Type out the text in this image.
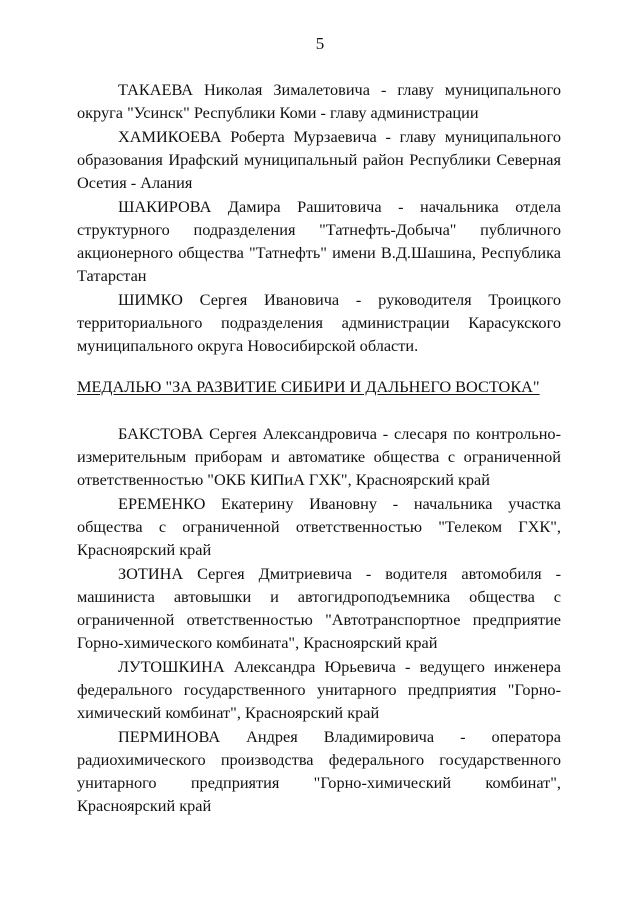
5

ТАКАЕВА Николая Зималетовича - главу муниципального округа "Усинск" Республики Коми - главу администрации

ХАМИКОЕВА Роберта Мурзаевича - главу муниципального образования Ирафский муниципальный район Республики Северная Осетия - Алания

ШАКИРОВА Дамира Рашитовича - начальника отдела структурного подразделения "Татнефть-Добыча" публичного акционерного общества "Татнефть" имени В.Д.Шашина, Республика Татарстан

ШИМКО Сергея Ивановича - руководителя Троицкого территориального подразделения администрации Карасукского муниципального округа Новосибирской области.

МЕДАЛЬЮ "ЗА РАЗВИТИЕ СИБИРИ И ДАЛЬНЕГО ВОСТОКА"

БАКСТОВА Сергея Александровича - слесаря по контрольно-измерительным приборам и автоматике общества с ограниченной ответственностью "ОКБ КИПиА ГХК", Красноярский край

ЕРЕМЕНКО Екатерину Ивановну - начальника участка общества с ограниченной ответственностью "Телеком ГХК", Красноярский край

ЗОТИНА Сергея Дмитриевича - водителя автомобиля - машиниста автовышки и автогидроподъемника общества с ограниченной ответственностью "Автотранспортное предприятие Горно-химического комбината", Красноярский край

ЛУТОШКИНА Александра Юрьевича - ведущего инженера федерального государственного унитарного предприятия "Горно-химический комбинат", Красноярский край

ПЕРМИНОВА Андрея Владимировича - оператора радиохимического производства федерального государственного унитарного предприятия "Горно-химический комбинат", Красноярский край
